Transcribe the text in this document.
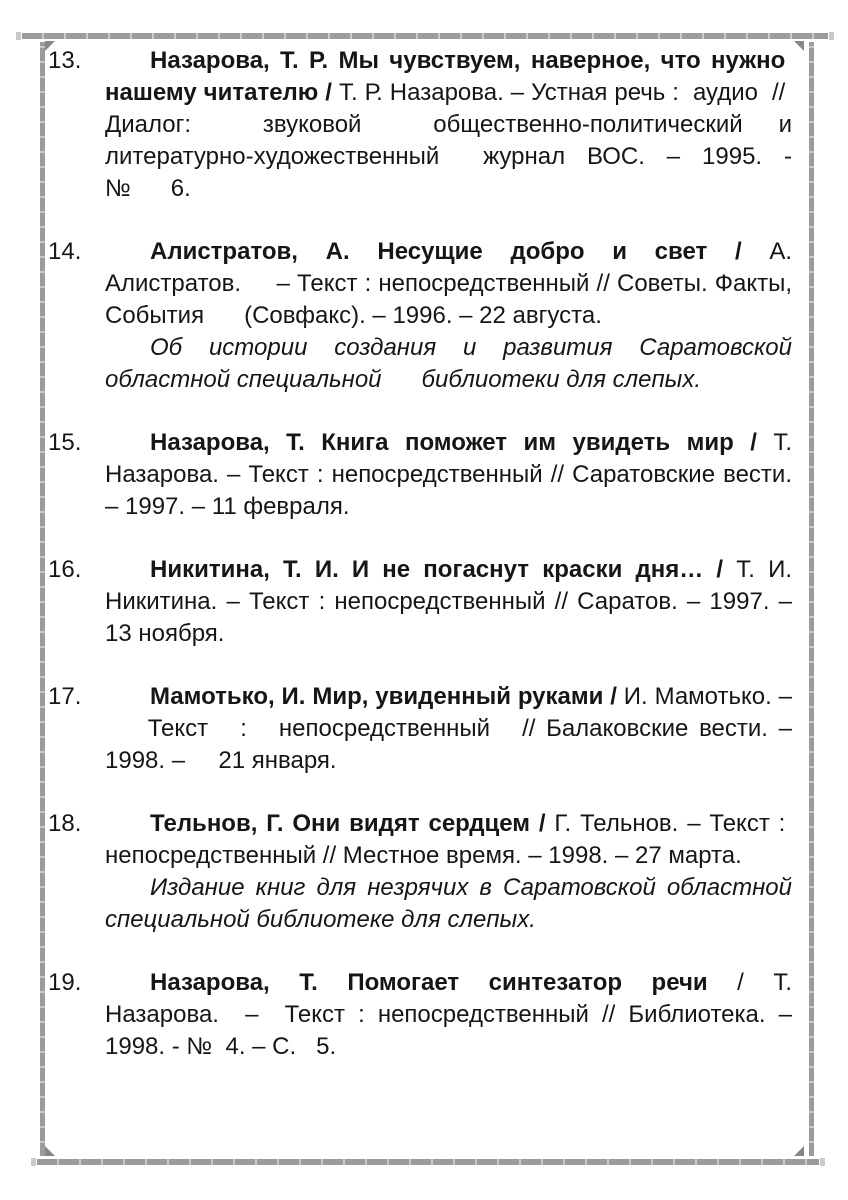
13.	Назарова, Т. Р. Мы чувствуем, наверное, что нужно  нашему читателю / Т. Р. Назарова. – Устная речь :  аудио  //  Диалог:  звуковой  общественно-политический и литературно-художественный  журнал ВОС. – 1995. - №      6.

14.	Алистратов, А. Несущие добро и свет / А. Алистратов.     – Текст : непосредственный // Советы. Факты, События      (Совфакс). – 1996. – 22 августа.

Об истории создания и развития Саратовской областной специальной      библиотеки для слепых.

15.	Назарова, Т. Книга поможет им увидеть мир / Т. Назарова. – Текст : непосредственный // Саратовские вести. – 1997. – 11 февраля.

16.	Никитина, Т. И. И не погаснут краски дня… / Т. И. Никитина. – Текст : непосредственный // Саратов. – 1997. – 13 ноября.

17.	Мамотько, И. Мир, увиденный руками / И. Мамотько. –    Текст   :   непосредственный   // Балаковские вести. – 1998. –     21 января.

18.	Тельнов, Г. Они видят сердцем / Г. Тельнов. – Текст :  непосредственный // Местное время. – 1998. – 27 марта.

Издание книг для незрячих в Саратовской областной специальной библиотеке для слепых.

19.	Назарова, Т. Помогает синтезатор речи / Т. Назарова.  –  Текст : непосредственный // Библиотека. – 1998. - №  4. – С.   5.
